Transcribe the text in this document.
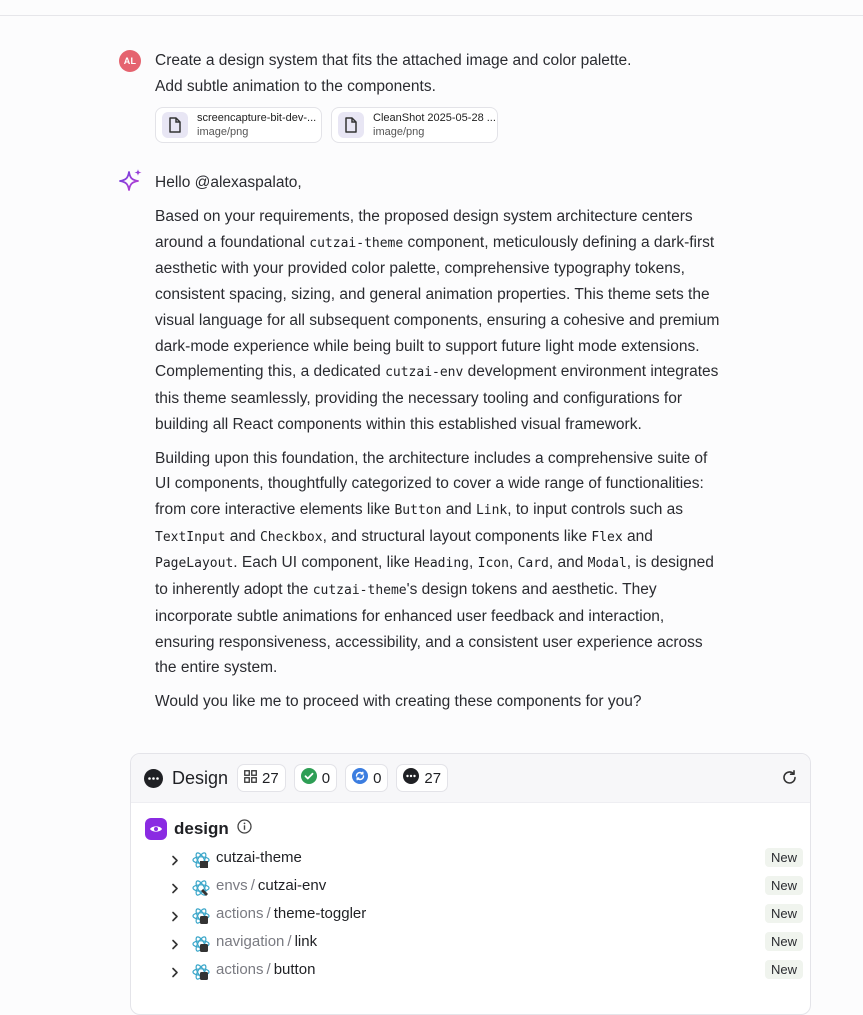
AL	Create a design system that fits the attached image and color palette.
Add subtle animation to the components.
screencapture-bit-dev-...
image/png
CleanShot 2025-05-28 ...
image/png

Hello @alexaspalato,

Based on your requirements, the proposed design system architecture centers around a foundational cutzai-theme component, meticulously defining a dark-first aesthetic with your provided color palette, comprehensive typography tokens, consistent spacing, sizing, and general animation properties. This theme sets the visual language for all subsequent components, ensuring a cohesive and premium dark-mode experience while being built to support future light mode extensions. Complementing this, a dedicated cutzai-env development environment integrates this theme seamlessly, providing the necessary tooling and configurations for building all React components within this established visual framework.

Building upon this foundation, the architecture includes a comprehensive suite of UI components, thoughtfully categorized to cover a wide range of functionalities: from core interactive elements like Button and Link, to input controls such as TextInput and Checkbox, and structural layout components like Flex and PageLayout. Each UI component, like Heading, Icon, Card, and Modal, is designed to inherently adopt the cutzai-theme's design tokens and aesthetic. They incorporate subtle animations for enhanced user feedback and interaction, ensuring responsiveness, accessibility, and a consistent user experience across the entire system.

Would you like me to proceed with creating these components for you?

Design 27	0	0	27
design
cutzai-theme	New
envs / cutzai-env	New
actions / theme-toggler	New
navigation / link	New
actions / button	New
